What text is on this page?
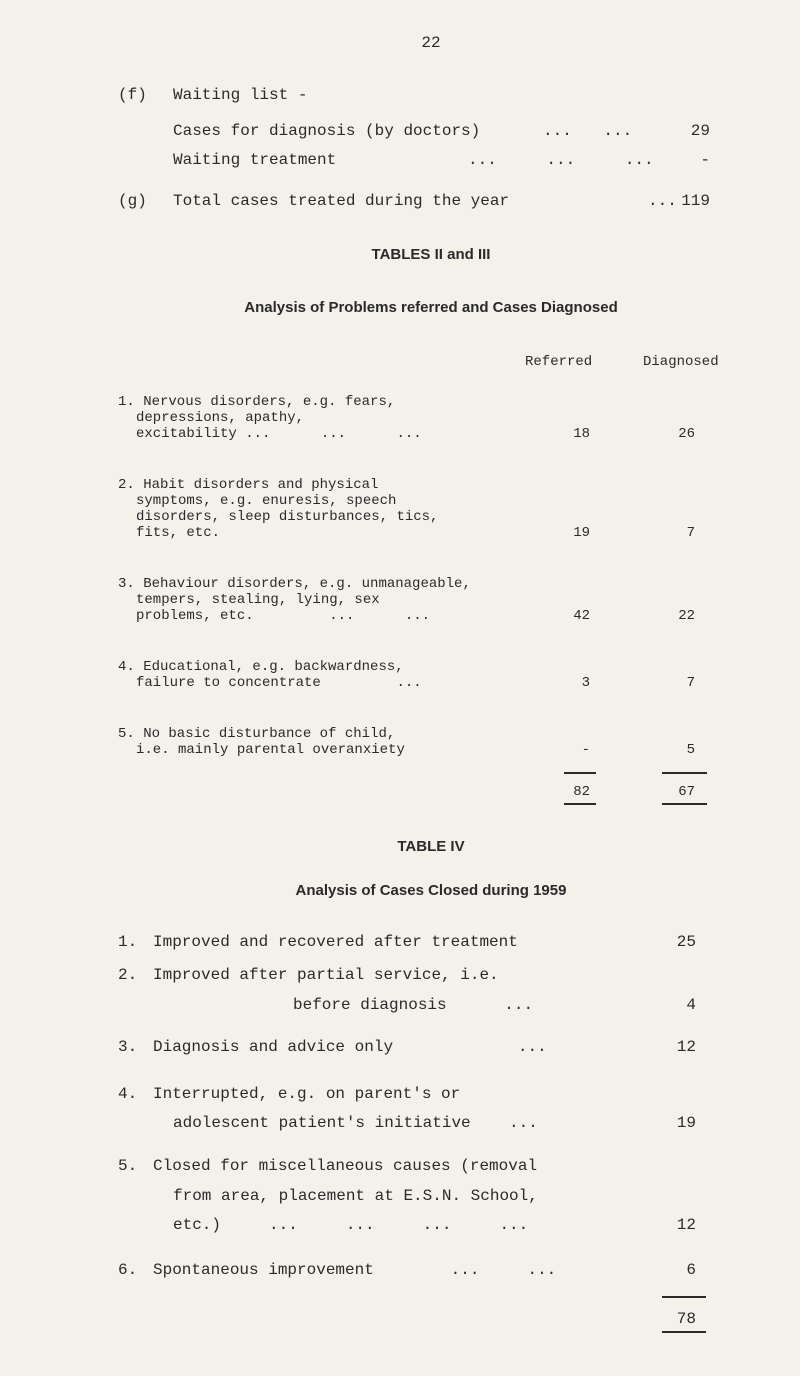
22
(f) Waiting list -
Cases for diagnosis (by doctors)	... ...	29
Waiting treatment	... ... ...	-
(g) Total cases treated during the year	... 119
TABLES II and III
Analysis of Problems referred and Cases Diagnosed
Referred	Diagnosed
1. Nervous disorders, e.g. fears,
depressions, apathy,
excitability ...      ...      ...	18	26
2. Habit disorders and physical
symptoms, e.g. enuresis, speech
disorders, sleep disturbances, tics,
fits, etc.	19	7
3. Behaviour disorders, e.g. unmanageable,
tempers, stealing, lying, sex
problems, etc.         ...      ...	42	22
4. Educational, e.g. backwardness,
failure to concentrate         ...	3	7
5. No basic disturbance of child,
i.e. mainly parental overanxiety	-	5
82	67
TABLE IV
Analysis of Cases Closed during 1959
1. Improved and recovered after treatment	25
2. Improved after partial service, i.e.
before diagnosis      ...	4
3. Diagnosis and advice only             ...	12
4. Interrupted, e.g. on parent's or
adolescent patient's initiative    ...	19
5. Closed for miscellaneous causes (removal
from area, placement at E.S.N. School,
etc.)     ...     ...     ...     ...	12
6. Spontaneous improvement        ...     ...	6
78
